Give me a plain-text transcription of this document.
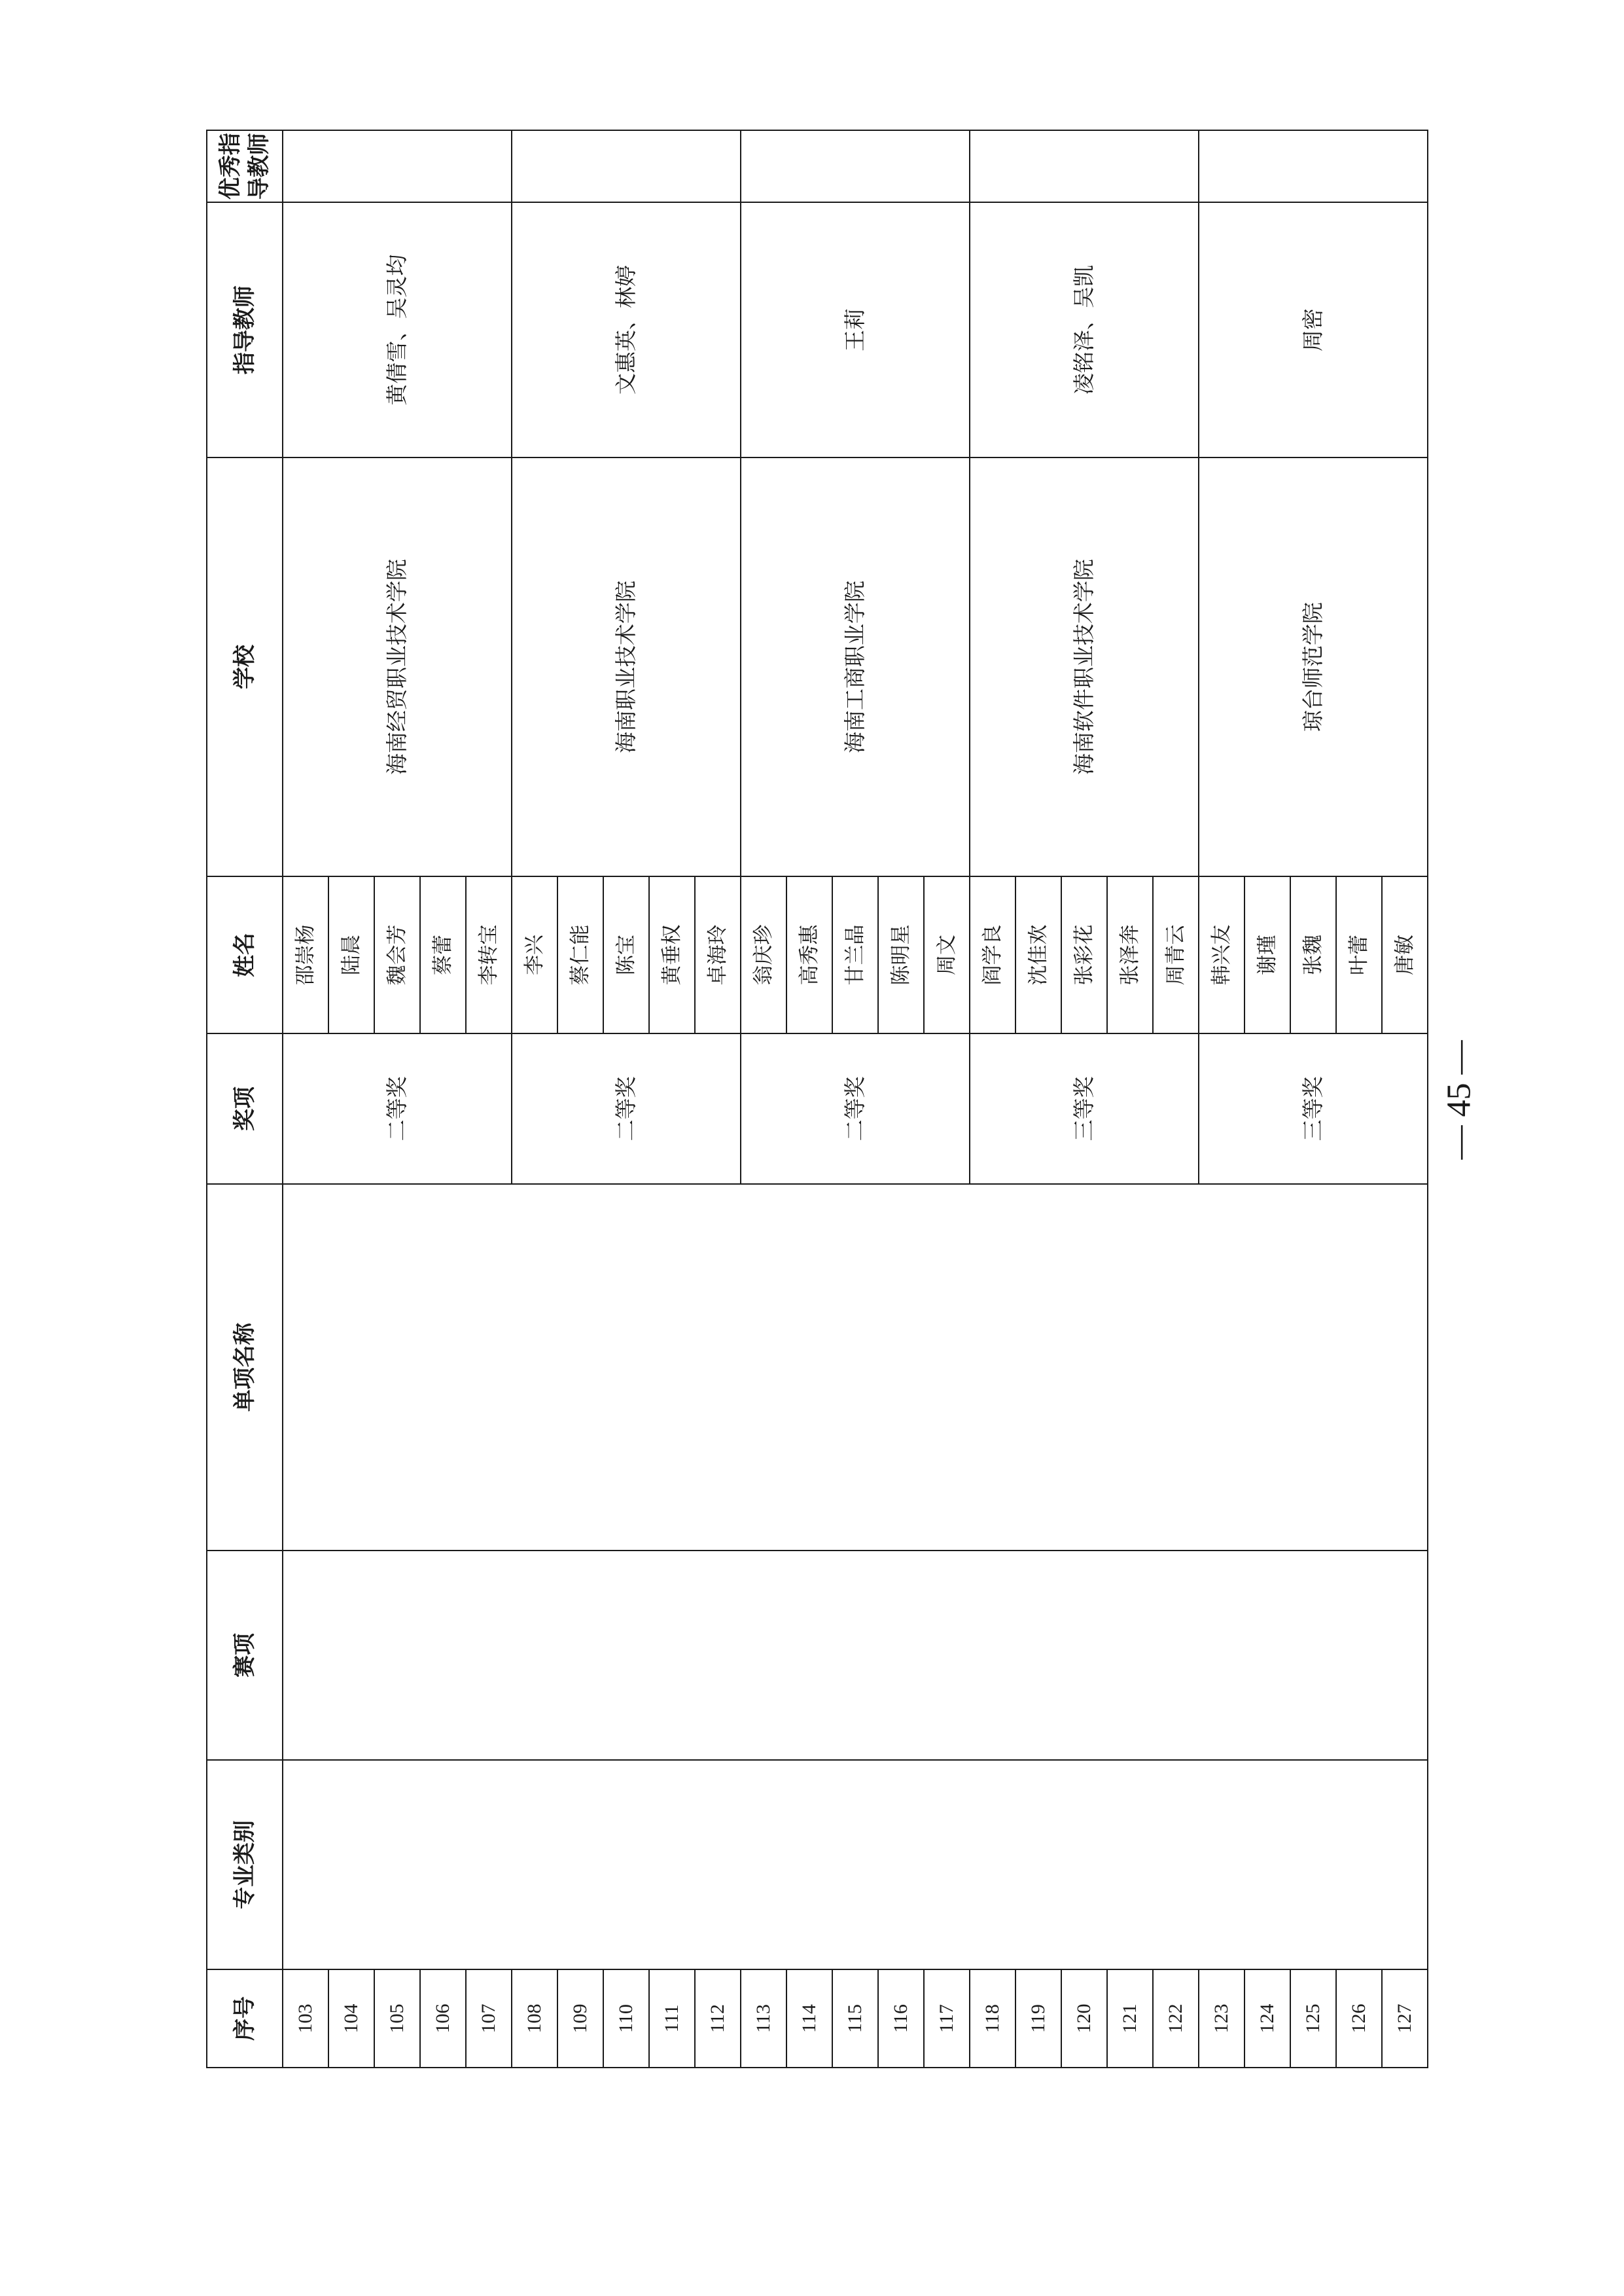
序号	专业类别	赛项	单项名称	奖项	姓名	学校	指导教师	优秀指导教师
103				二等奖	邵崇杨	海南经贸职业技术学院	黄倩雪、吴灵均	
104					陆晨			
105					魏会芳			
106					蔡蕾			
107					李转宝			
108				二等奖	李兴	海南职业技术学院	文惠英、林婷	
109					蔡仁能			
110					陈宝			
111					黄垂权			
112					卓海玲			
113				二等奖	翁庆珍	海南工商职业学院	王莉	
114					高秀惠			
115					甘兰晶			
116					陈明星			
117					周文			
118				三等奖	阎学良	海南软件职业技术学院	凌铭泽、吴凯	
119					沈佳欢			
120					张彩花			
121					张泽奔			
122					周青云			
123				三等奖	韩兴友	琼台师范学院	周密	
124					谢瑾			
125					张魏			
126					叶蕾			
127					唐敏			
— 45 —
